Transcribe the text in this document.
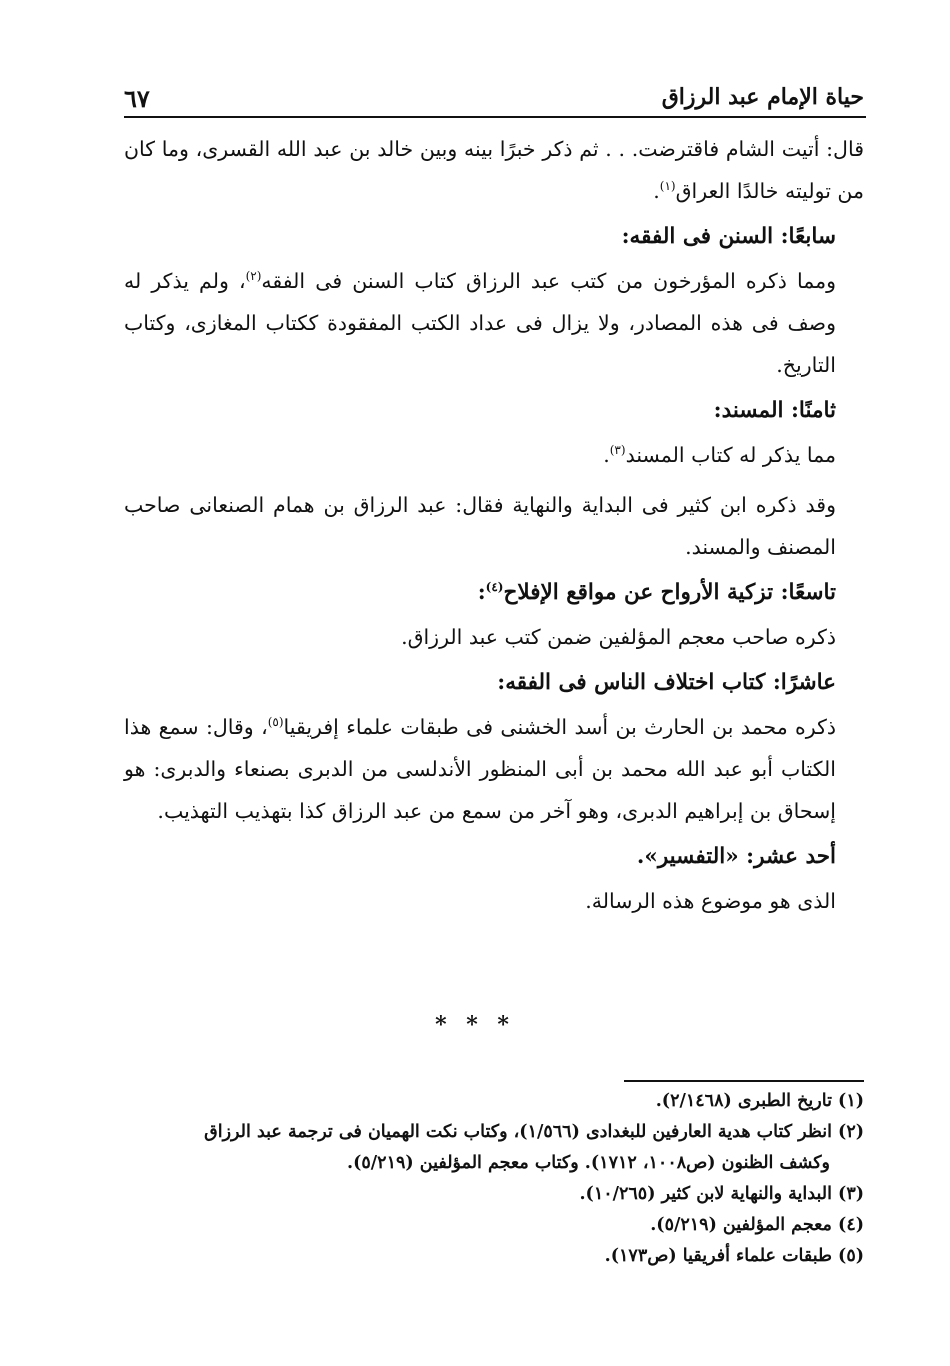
حياة الإمام عبد الرزاق
٦٧

قال: أتيت الشام فاقترضت. . . ثم ذكر خبرًا بينه وبين خالد بن عبد الله القسرى، وما كان من توليته خالدًا العراق$^{(١)}$.

سابعًا: السنن فى الفقه:

ومما ذكره المؤرخون من كتب عبد الرزاق كتاب السنن فى الفقه$^{(٢)}$، ولم يذكر له وصف فى هذه المصادر، ولا يزال فى عداد الكتب المفقودة ككتاب المغازى، وكتاب التاريخ.

ثامنًا: المسند:

مما يذكر له كتاب المسند$^{(٣)}$.

وقد ذكره ابن كثير فى البداية والنهاية فقال: عبد الرزاق بن همام الصنعانى صاحب المصنف والمسند.

تاسعًا: تزكية الأرواح عن مواقع الإفلاح$^{(٤)}$:

ذكره صاحب معجم المؤلفين ضمن كتب عبد الرزاق.

عاشرًا: كتاب اختلاف الناس فى الفقه:

ذكره محمد بن الحارث بن أسد الخشنى فى طبقات علماء إفريقيا$^{(٥)}$، وقال: سمع هذا الكتاب أبو عبد الله محمد بن أبى المنظور الأندلسى من الدبرى بصنعاء والدبرى: هو إسحاق بن إبراهيم الدبرى، وهو آخر من سمع من عبد الرزاق كذا بتهذيب التهذيب.

أحد عشر: «التفسير».

الذى هو موضوع هذه الرسالة.

* * *

(١) تاريخ الطبرى (٢/١٤٦٨).

(٢) انظر كتاب هدية العارفين للبغدادى (١/٥٦٦)، وكتاب نكت الهميان فى ترجمة عبد الرزاق

وكشف الظنون (ص١٠٠٨، ١٧١٢). وكتاب معجم المؤلفين (٥/٢١٩).

(٣) البداية والنهاية لابن كثير (١٠/٢٦٥).

(٤) معجم المؤلفين (٥/٢١٩).

(٥) طبقات علماء أفريقيا (ص١٧٣).
